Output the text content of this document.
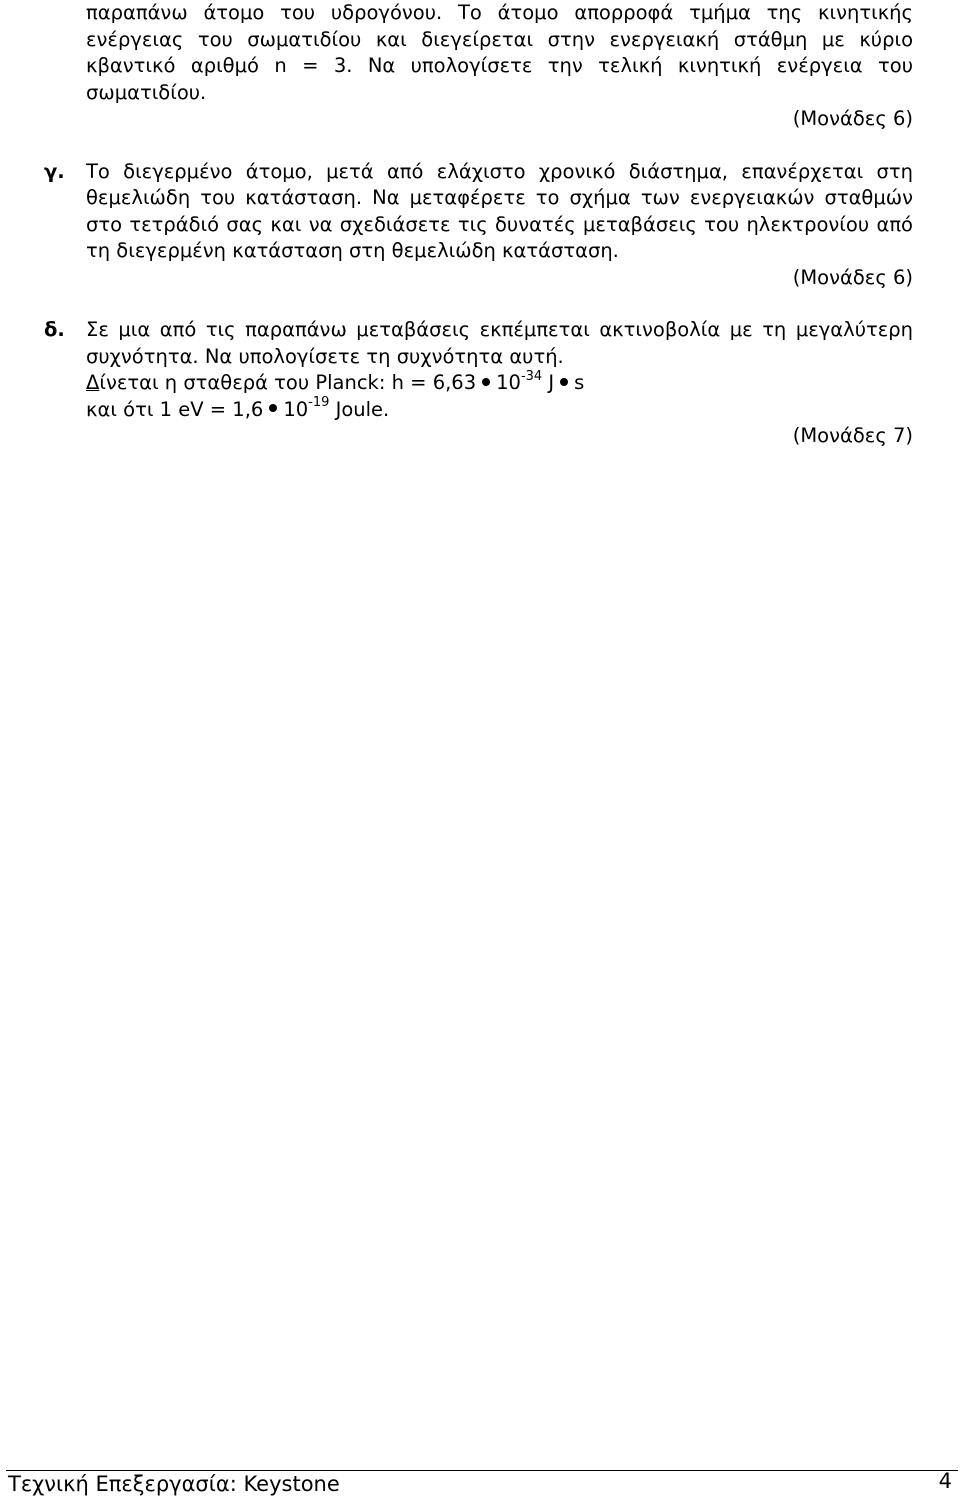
παραπάνω άτομο του υδρογόνου. Το άτομο απορροφά τμήμα της κινητικής ενέργειας του σωματιδίου και διεγείρεται στην ενεργειακή στάθμη με κύριο κβαντικό αριθμό n = 3. Να υπολογίσετε την τελική κινητική ενέργεια του σωματιδίου.
(Μονάδες 6)
γ. Το διεγερμένο άτομο, μετά από ελάχιστο χρονικό διάστημα, επανέρχεται στη θεμελιώδη του κατάσταση. Να μεταφέρετε το σχήμα των ενεργειακών σταθμών στο τετράδιό σας και να σχεδιάσετε τις δυνατές μεταβάσεις του ηλεκτρονίου από τη διεγερμένη κατάσταση στη θεμελιώδη κατάσταση.
(Μονάδες 6)
δ. Σε μια από τις παραπάνω μεταβάσεις εκπέμπεται ακτινοβολία με τη μεγαλύτερη συχνότητα. Να υπολογίσετε τη συχνότητα αυτή.
Δίνεται η σταθερά του Planck: h = 6,63 $10^{-34}$ J s
και ότι 1 eV = 1,6 $10^{-19}$ Joule.
(Μονάδες 7)
Τεχνική Επεξεργασία: Keystone	4
